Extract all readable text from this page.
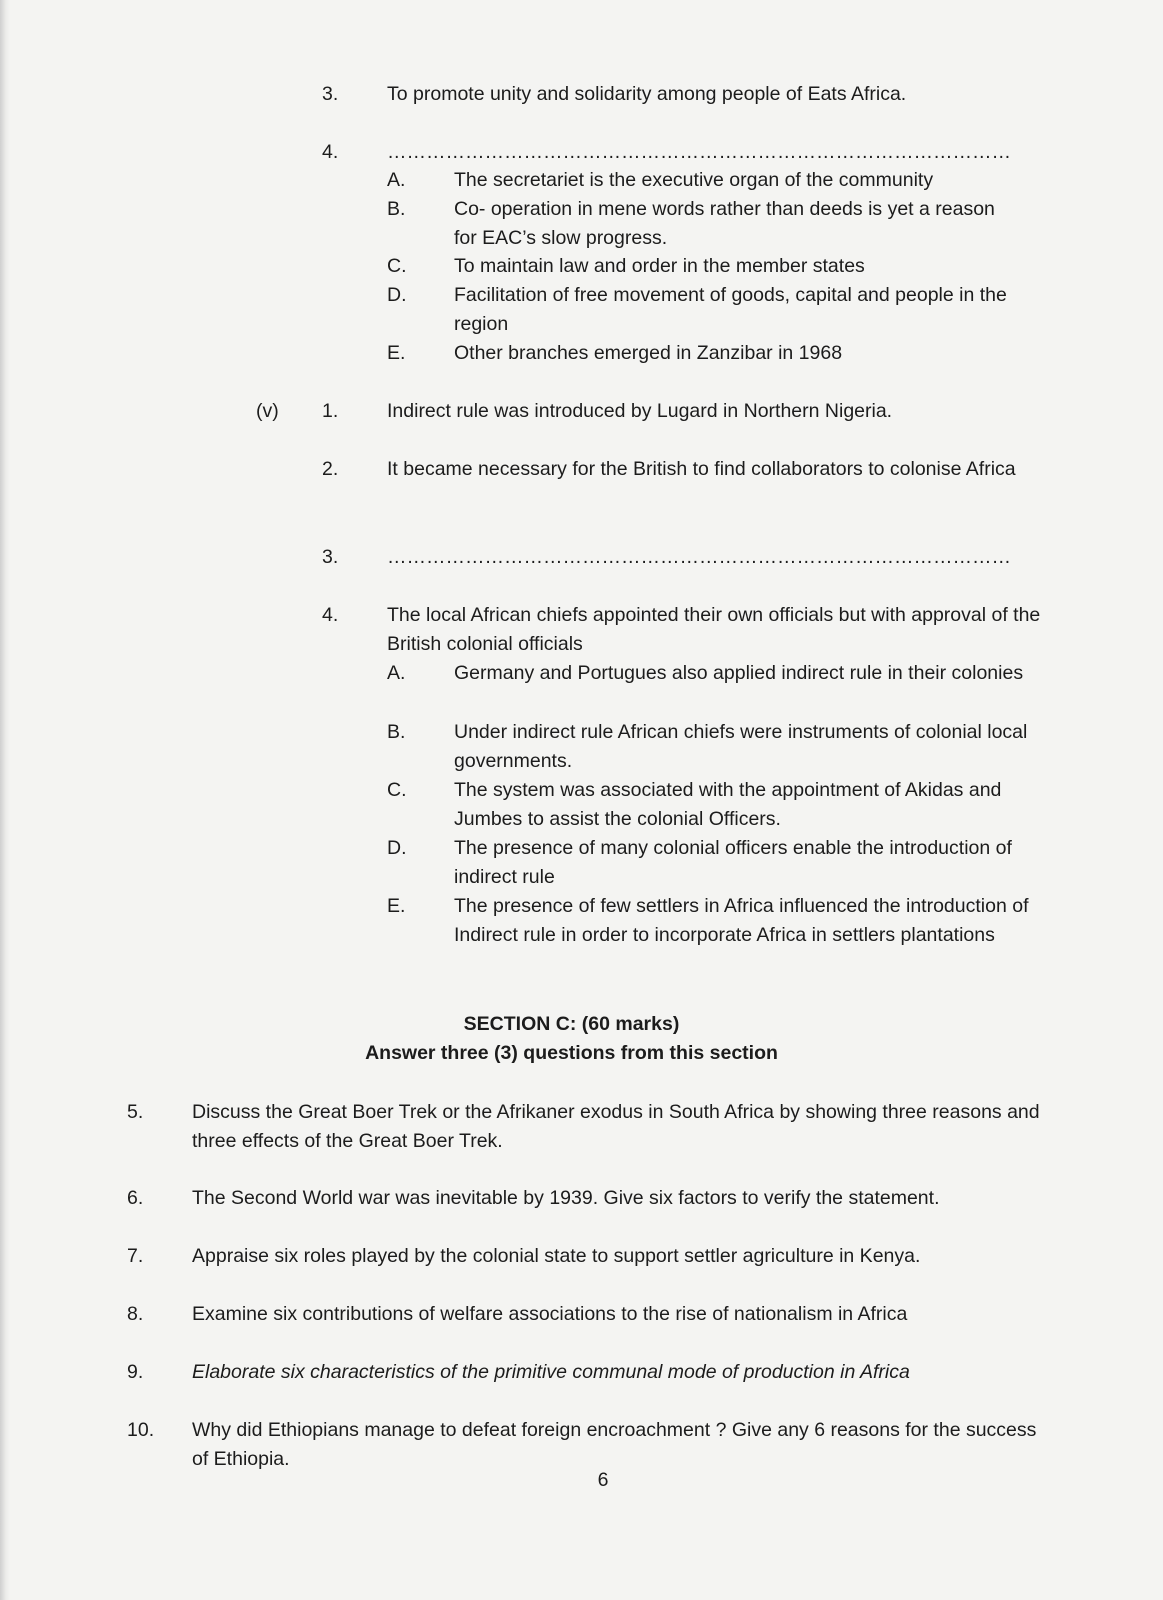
3.	To promote unity and solidarity among people of Eats Africa.
4.	……………………………………………………………………………………
A.	The secretariet is the executive organ of the community
B.	Co- operation in mene words rather than deeds is yet a reason for EAC’s slow progress.
C.	To maintain law and order in the member states
D.	Facilitation of free movement of goods, capital and people in the region
E.	Other branches emerged in Zanzibar in 1968
(v) 1.	Indirect rule was introduced by Lugard in Northern Nigeria.
2.	It became necessary for the British to find collaborators to colonise Africa
3.	……………………………………………………………………………………
4.	The local African chiefs appointed their own officials but with approval of the British colonial officials
A.	Germany and Portugues also applied indirect rule in their colonies
B.	Under indirect rule African chiefs were instruments of colonial local governments.
C.	The system was associated with the appointment of Akidas and Jumbes to assist the colonial Officers.
D.	The presence of many colonial officers enable the introduction of indirect rule
E.	The presence of few settlers in Africa influenced the introduction of Indirect rule in order to incorporate Africa in settlers plantations
SECTION C: (60 marks)
Answer three (3) questions from this section
5.	Discuss the Great Boer Trek or the Afrikaner exodus in South Africa by showing three reasons and three effects of the Great Boer Trek.
6.	The Second World war was inevitable by 1939. Give six factors to verify the statement.
7.	Appraise six roles played by the colonial state to support settler agriculture in Kenya.
8.	Examine six contributions of welfare associations to the rise of nationalism in Africa
9.	Elaborate six characteristics of the primitive communal mode of production in Africa
10.	Why did Ethiopians manage to defeat foreign encroachment ? Give any 6 reasons for the success of Ethiopia.
6
